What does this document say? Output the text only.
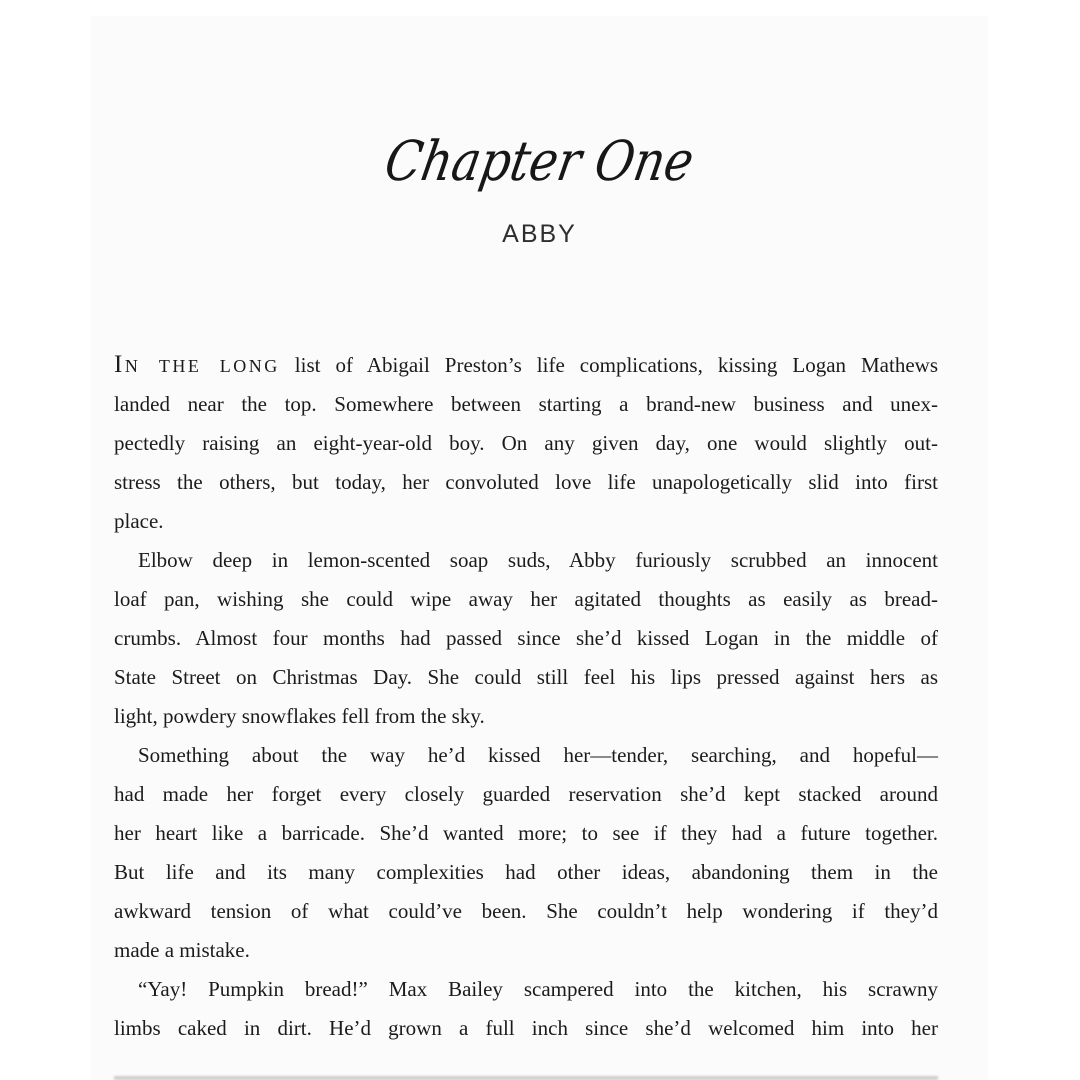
Chapter One
ABBY
In the long list of Abigail Preston’s life complications, kissing Logan Mathews
landed near the top. Somewhere between starting a brand-new business and unex-
pectedly raising an eight-year-old boy. On any given day, one would slightly out-
stress the others, but today, her convoluted love life unapologetically slid into first
place.
Elbow deep in lemon-scented soap suds, Abby furiously scrubbed an innocent
loaf pan, wishing she could wipe away her agitated thoughts as easily as bread-
crumbs. Almost four months had passed since she’d kissed Logan in the middle of
State Street on Christmas Day. She could still feel his lips pressed against hers as
light, powdery snowflakes fell from the sky.
Something about the way he’d kissed her—tender, searching, and hopeful—
had made her forget every closely guarded reservation she’d kept stacked around
her heart like a barricade. She’d wanted more; to see if they had a future together.
But life and its many complexities had other ideas, abandoning them in the
awkward tension of what could’ve been. She couldn’t help wondering if they’d
made a mistake.
“Yay! Pumpkin bread!” Max Bailey scampered into the kitchen, his scrawny
limbs caked in dirt. He’d grown a full inch since she’d welcomed him into her
